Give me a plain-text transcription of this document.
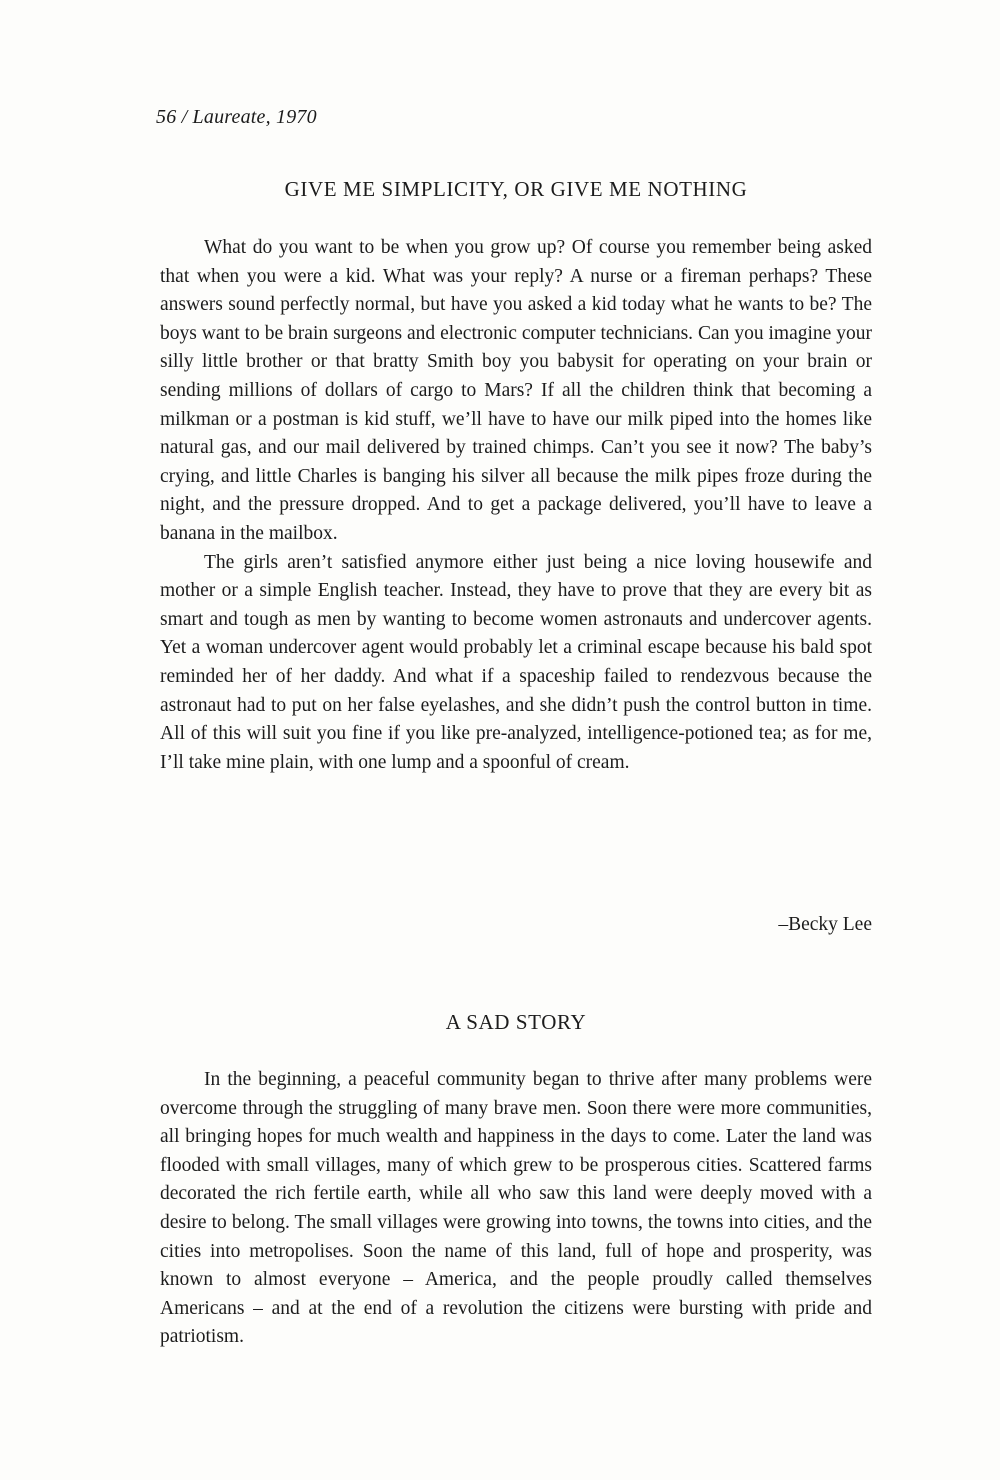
56 / Laureate, 1970
GIVE ME SIMPLICITY, OR GIVE ME NOTHING

What do you want to be when you grow up? Of course you remember being asked that when you were a kid. What was your reply? A nurse or a fireman perhaps? These answers sound perfectly normal, but have you asked a kid today what he wants to be? The boys want to be brain surgeons and electronic computer technicians. Can you imagine your silly little brother or that bratty Smith boy you babysit for operating on your brain or sending millions of dollars of cargo to Mars? If all the children think that becoming a milkman or a postman is kid stuff, we’ll have to have our milk piped into the homes like natural gas, and our mail delivered by trained chimps. Can’t you see it now? The baby’s crying, and little Charles is banging his silver all because the milk pipes froze during the night, and the pressure dropped. And to get a package delivered, you’ll have to leave a banana in the mailbox.

The girls aren’t satisfied anymore either just being a nice loving housewife and mother or a simple English teacher. Instead, they have to prove that they are every bit as smart and tough as men by wanting to become women astronauts and undercover agents. Yet a woman undercover agent would probably let a criminal escape because his bald spot reminded her of her daddy. And what if a spaceship failed to rendezvous because the astronaut had to put on her false eyelashes, and she didn’t push the control button in time. All of this will suit you fine if you like pre-analyzed, intelligence-potioned tea; as for me, I’ll take mine plain, with one lump and a spoonful of cream.

–Becky Lee
A SAD STORY

In the beginning, a peaceful community began to thrive after many problems were overcome through the struggling of many brave men. Soon there were more communities, all bringing hopes for much wealth and happiness in the days to come. Later the land was flooded with small villages, many of which grew to be prosperous cities. Scattered farms decorated the rich fertile earth, while all who saw this land were deeply moved with a desire to belong. The small villages were growing into towns, the towns into cities, and the cities into metropolises. Soon the name of this land, full of hope and prosperity, was known to almost everyone – America, and the people proudly called themselves Americans – and at the end of a revolution the citizens were bursting with pride and patriotism.
